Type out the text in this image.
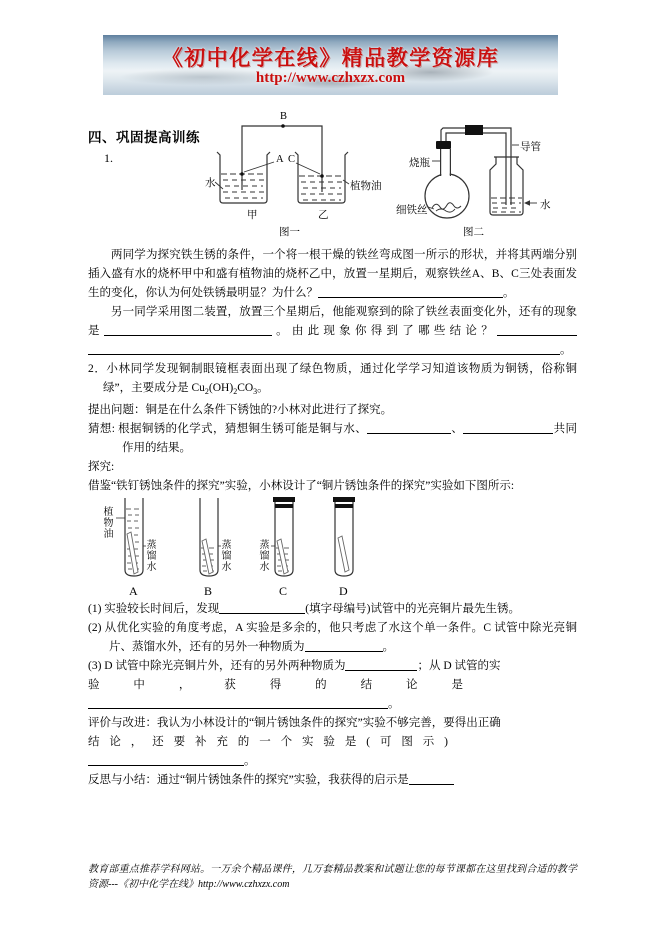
《初中化学在线》精品教学资源库
http://www.czhxzx.com
四、巩固提高训练
1.
B
A C
水	植物油
甲	乙
图一
导管
烧瓶
细铁丝	水
图二

两同学为探究铁生锈的条件，一个将一根干燥的铁丝弯成图一所示的形状，并将其两端分别插入盛有水的烧杯甲中和盛有植物油的烧杯乙中，放置一星期后，观察铁丝A、B、C三处表面发生的变化，你认为何处铁锈最明显？为什么？	。

另一同学采用图二装置，放置三个星期后，他能观察到的除了铁丝表面变化外，还有的现象是	。由此现象你得到了哪些结论？。

2．小林同学发现铜制眼镜框表面出现了绿色物质，通过化学学习知道该物质为铜锈，俗称铜绿”，主要成分是 $Cu_2(OH)_2CO_3$。
提出问题：铜是在什么条件下锈蚀的?小林对此进行了探究。
猜想: 根据铜锈的化学式，猜想铜生锈可能是铜与水、	、	共同作用的结果。
探究:
借鉴“铁钉锈蚀条件的探究”实验，小林设计了“铜片锈蚀条件的探究”实验如下图所示:
植物油
蒸馏水
蒸馏水
蒸馏水
A	B	C	D
(1) 实验较长时间后，发现	(填字母编号)试管中的光亮铜片最先生锈。
(2) 从优化实验的角度考虑，A 实验是多余的，他只考虑了水这个单一条件。C 试管中除光亮铜片、蒸馏水外，还有的另外一种物质为	。
(3) D 试管中除光亮铜片外，还有的另外两种物质为	；从 D 试管的实
验中，获得的结论是
。
评价与改进：我认为小林设计的“铜片锈蚀条件的探究”实验不够完善，要得出正确
结论，还要补充的一个实验是(可图示)
。
反思与小结：通过“铜片锈蚀条件的探究”实验，我获得的启示是
教育部重点推荐学科网站。一万余个精品课件，几万套精品教案和试题让您的每节课都在这里找到合适的教学资源---《初中化学在线》http://www.czhxzx.com
